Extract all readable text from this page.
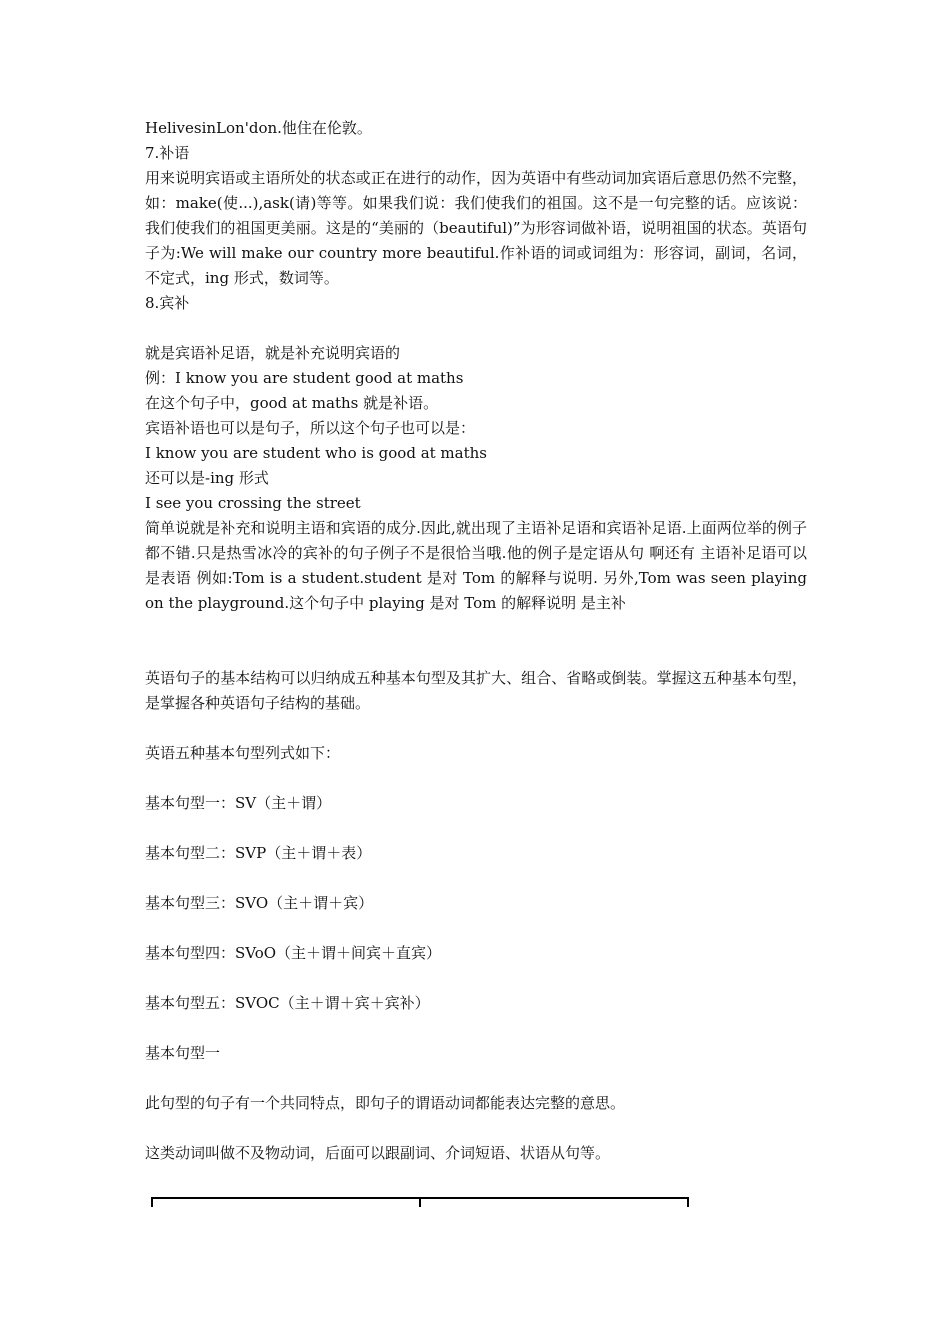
HelivesinLon'don.他住在伦敦。
7.补语
用来说明宾语或主语所处的状态或正在进行的动作，因为英语中有些动词加宾语后意思仍然不完整，如：make(使...),ask(请)等等。如果我们说：我们使我们的祖国。这不是一句完整的话。应该说：我们使我们的祖国更美丽。这是的“美丽的（beautiful)”为形容词做补语，说明祖国的状态。英语句子为:We will make our country more beautiful.作补语的词或词组为：形容词，副词，名词，不定式，ing 形式，数词等。
8.宾补
就是宾语补足语，就是补充说明宾语的
例：I know you are student good at maths
在这个句子中，good at maths 就是补语。
宾语补语也可以是句子，所以这个句子也可以是：
I know you are student who is good at maths
还可以是-ing 形式
I see you crossing the street
简单说就是补充和说明主语和宾语的成分.因此,就出现了主语补足语和宾语补足语.上面两位举的例子都不错.只是热雪冰冷的宾补的句子例子不是很恰当哦.他的例子是定语从句 啊还有 主语补足语可以是表语 例如:Tom is a student.student 是对 Tom 的解释与说明. 另外,Tom was seen playing on the playground.这个句子中 playing 是对 Tom 的解释说明 是主补
英语句子的基本结构可以归纳成五种基本句型及其扩大、组合、省略或倒装。掌握这五种基本句型，是掌握各种英语句子结构的基础。
英语五种基本句型列式如下：
基本句型一：SV（主＋谓）
基本句型二：SVP（主＋谓＋表）
基本句型三：SVO（主＋谓＋宾）
基本句型四：SVoO（主＋谓＋间宾＋直宾）
基本句型五：SVOC（主＋谓＋宾＋宾补）
基本句型一
此句型的句子有一个共同特点，即句子的谓语动词都能表达完整的意思。
这类动词叫做不及物动词，后面可以跟副词、介词短语、状语从句等。
